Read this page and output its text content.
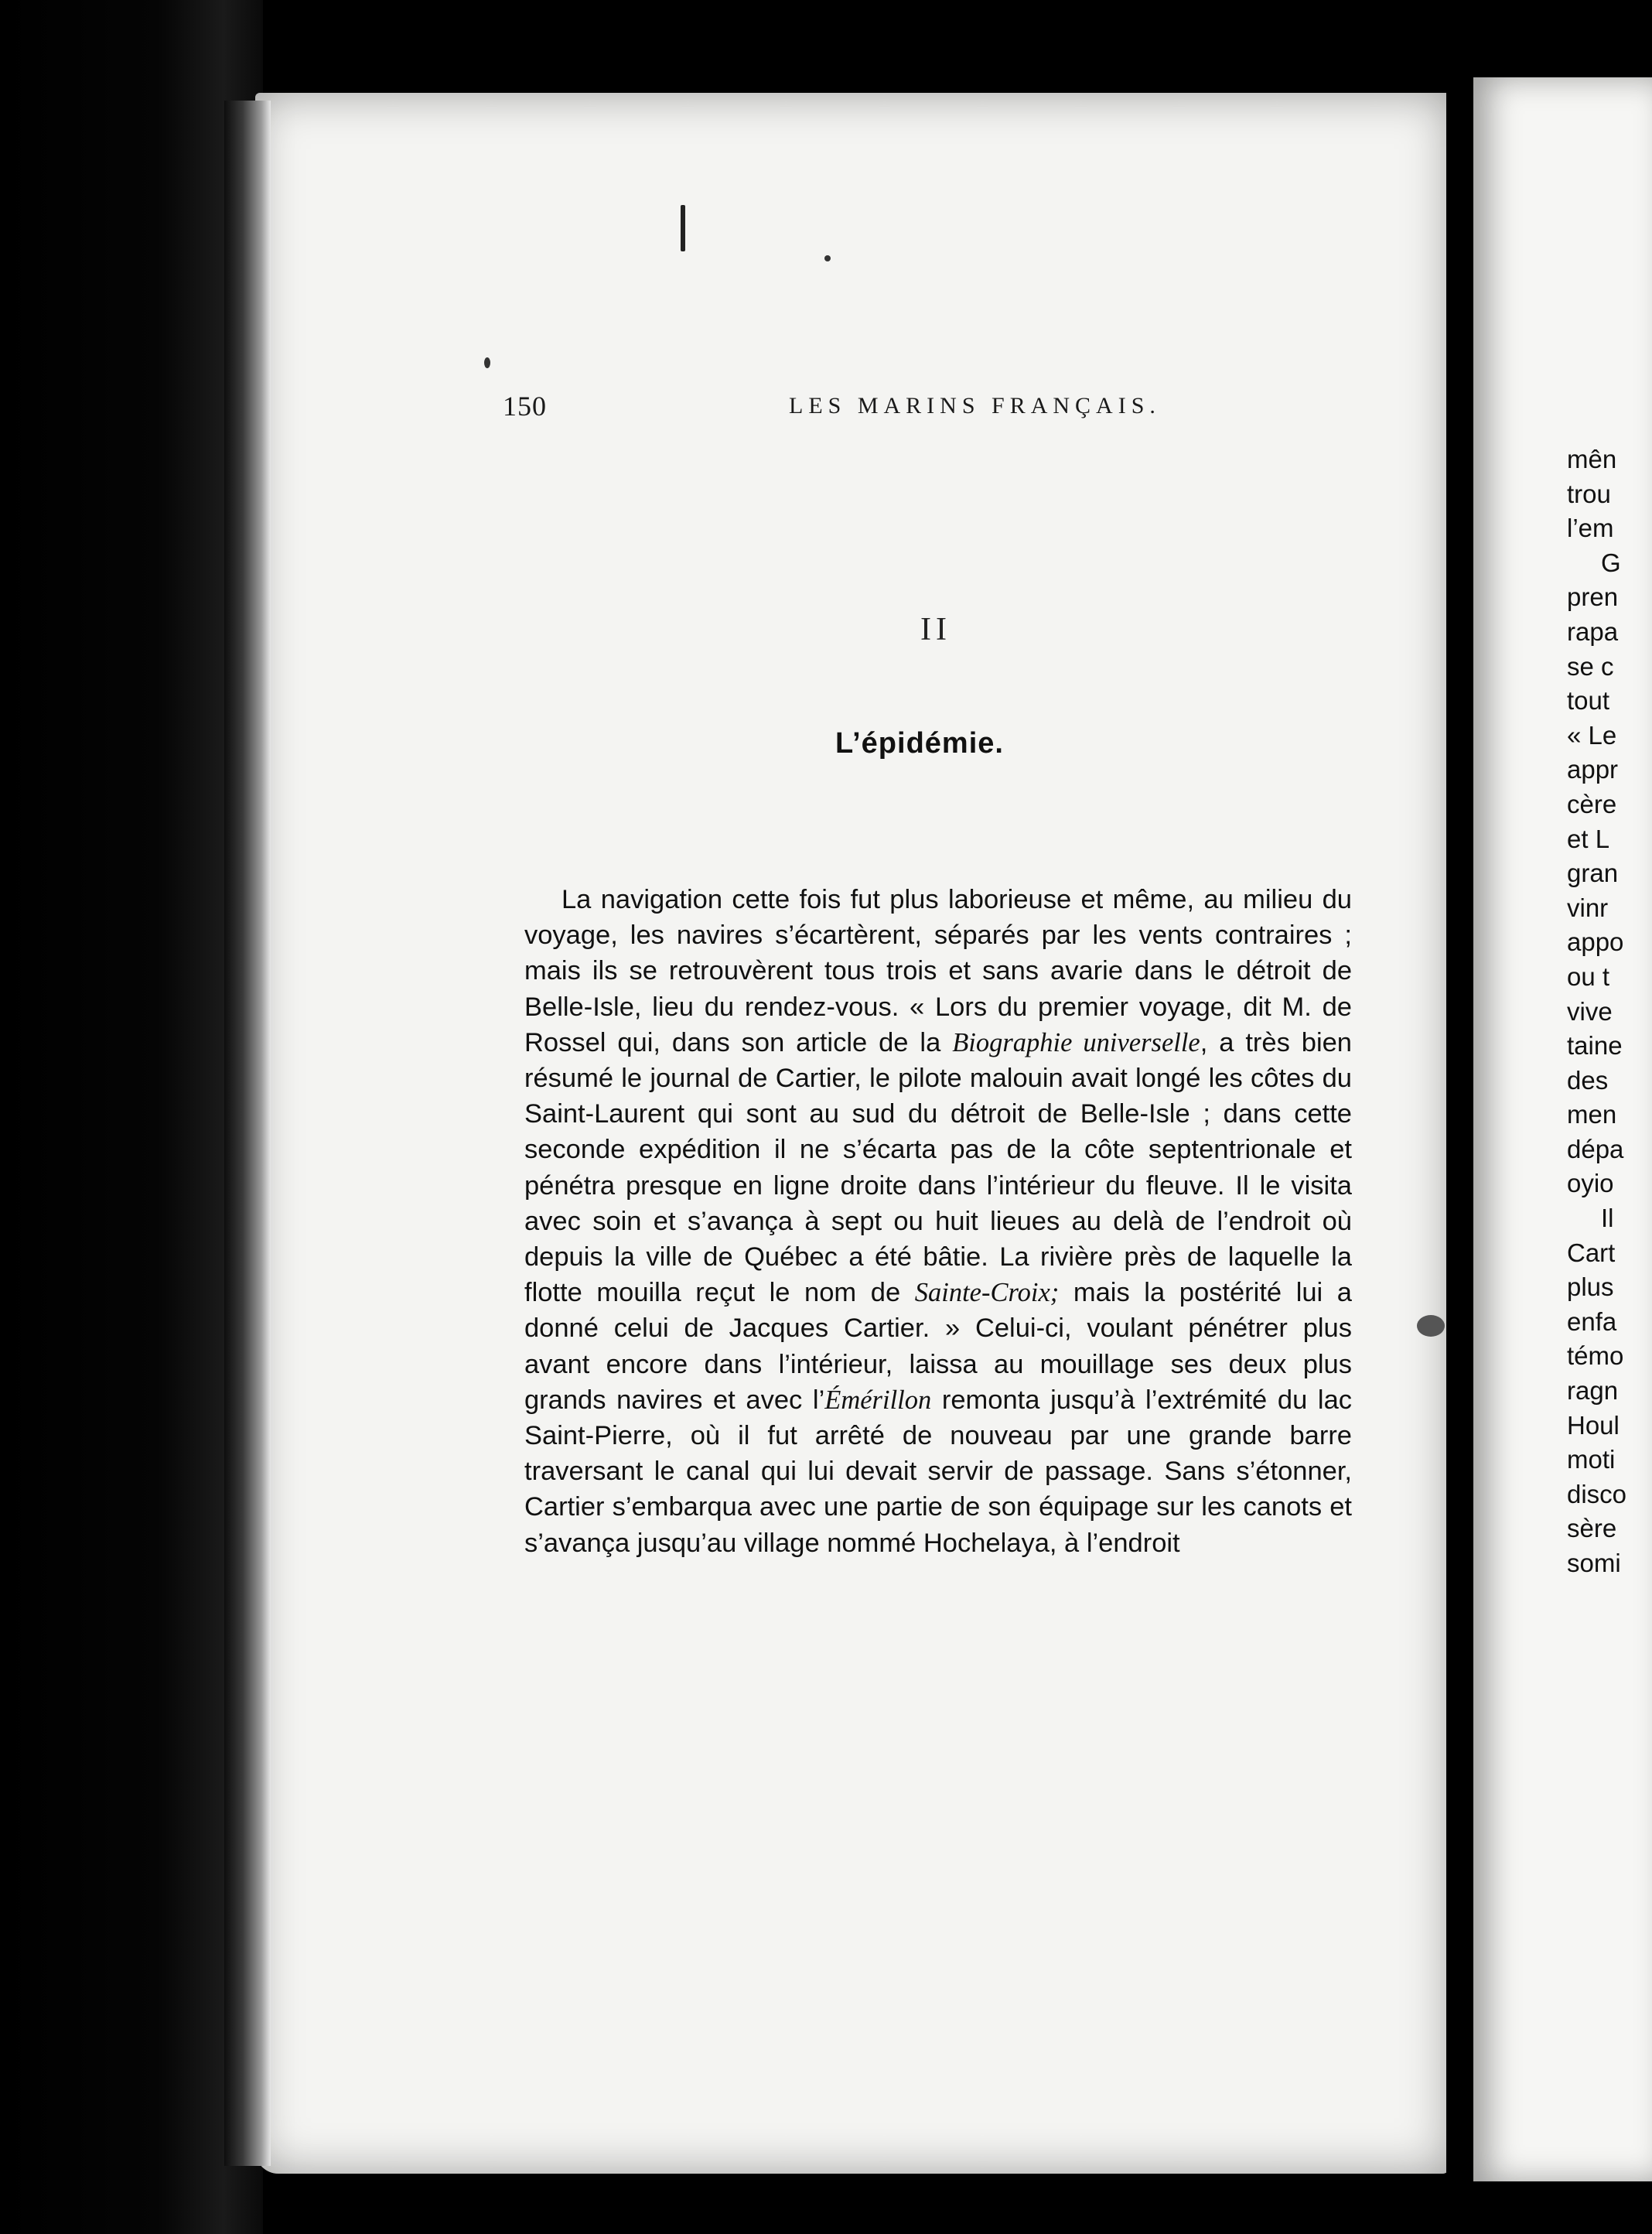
150	LES MARINS FRANÇAIS.
II
L’épidémie.
La navigation cette fois fut plus laborieuse et même, au milieu du voyage, les navires s’écartèrent, séparés par les vents contraires ; mais ils se retrouvèrent tous trois et sans avarie dans le détroit de Belle-Isle, lieu du rendez-vous. « Lors du premier voyage, dit M. de Rossel qui, dans son article de la Biographie universelle, a très bien résumé le journal de Cartier, le pilote malouin avait longé les côtes du Saint-Laurent qui sont au sud du détroit de Belle-Isle ; dans cette seconde expédition il ne s’écarta pas de la côte septentrionale et pénétra presque en ligne droite dans l’intérieur du fleuve. Il le visita avec soin et s’avança à sept ou huit lieues au delà de l’endroit où depuis la ville de Québec a été bâtie. La rivière près de laquelle la flotte mouilla reçut le nom de Sainte-Croix; mais la postérité lui a donné celui de Jacques Cartier. » Celui-ci, voulant pénétrer plus avant encore dans l’intérieur, laissa au mouillage ses deux plus grands navires et avec l’Émérillon remonta jusqu’à l’extrémité du lac Saint-Pierre, où il fut arrêté de nouveau par une grande barre traversant le canal qui lui devait servir de passage. Sans s’étonner, Cartier s’embarqua avec une partie de son équipage sur les canots et s’avança jusqu’au village nommé Hochelaya, à l’endroit
mên
trou
l’em
G
pren
rapa
se c
tout
« Le
appr
cère
et L
gran
vinr
appo
ou t
vive
taine
des
men
dépa
oyio
Il
Cart
plus
enfa
témo
ragn
Houl
moti
disco
sère
somi
